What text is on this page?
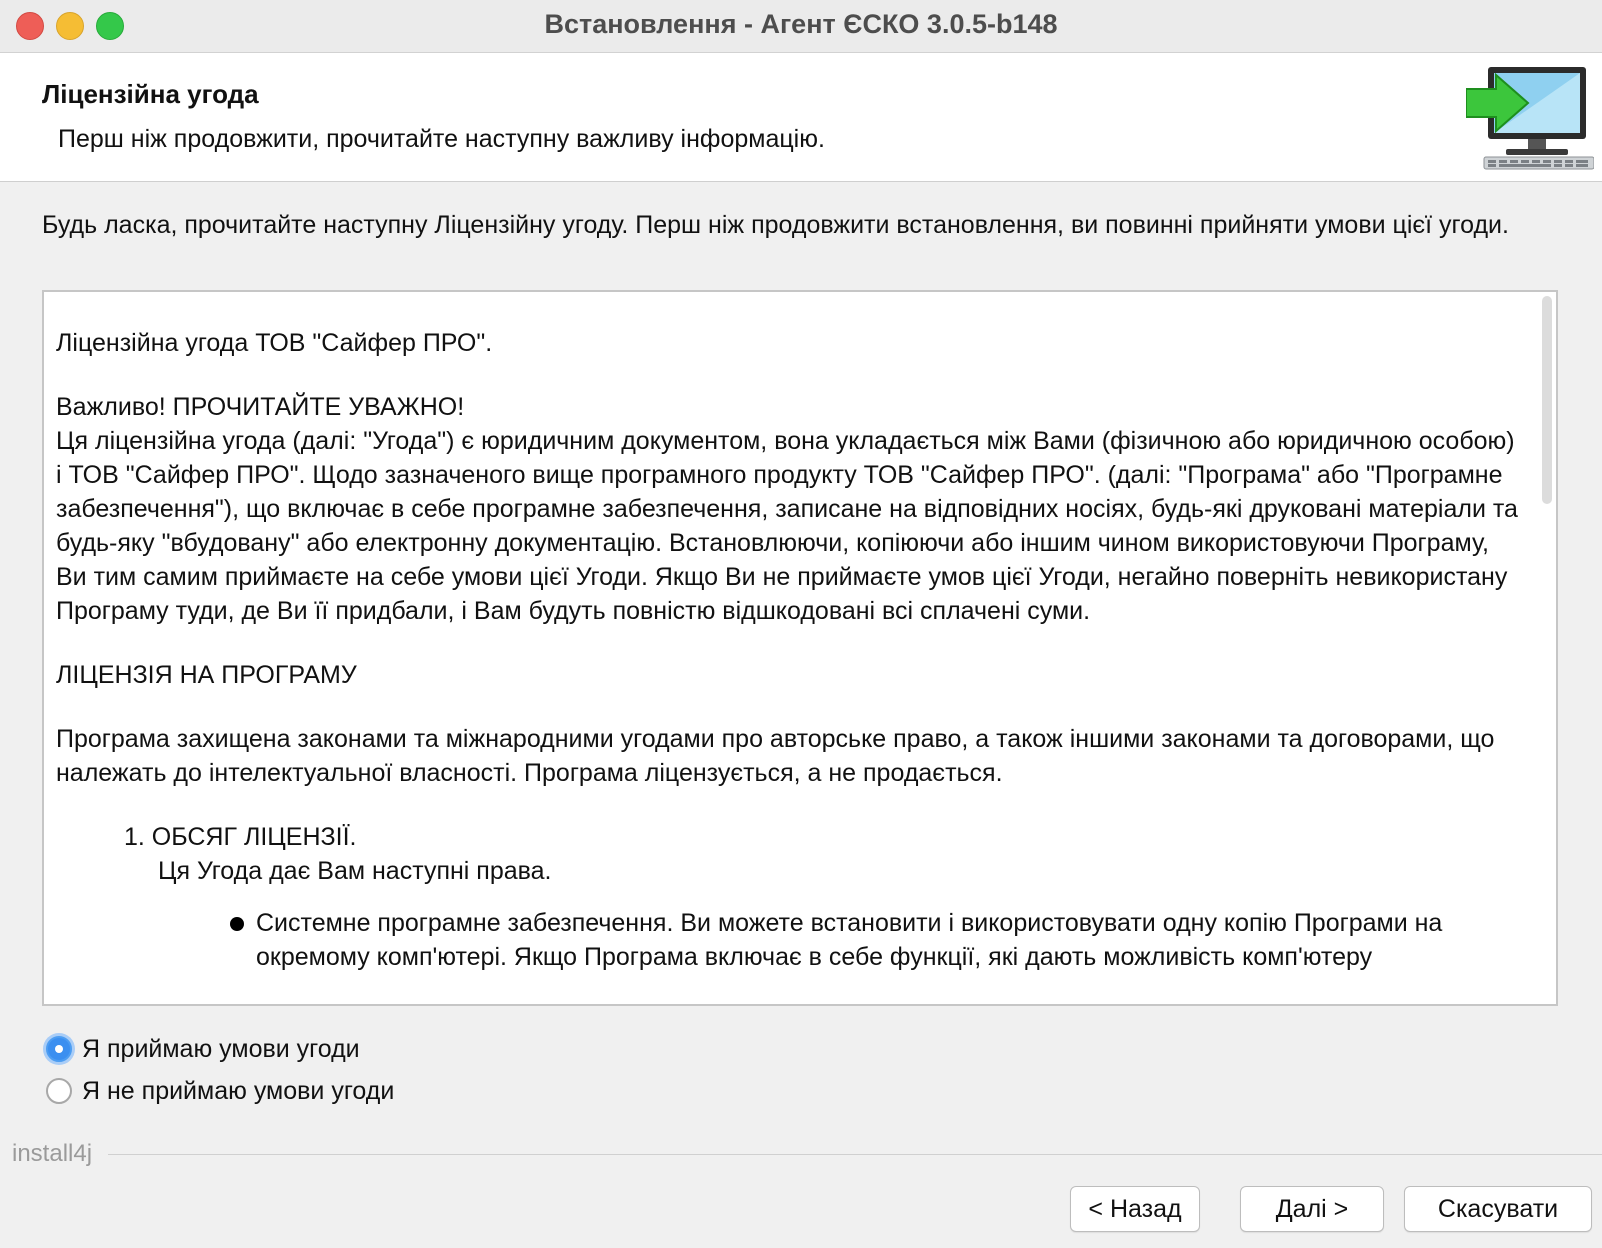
Встановлення - Агент ЄСКО 3.0.5-b148
Ліцензійна угода
Перш ніж продовжити, прочитайте наступну важливу інформацію.
Будь ласка, прочитайте наступну Ліцензійну угоду. Перш ніж продовжити встановлення, ви повинні прийняти умови цієї угоди.

Ліцензійна угода ТОВ "Сайфер ПРО".

Важливо! ПРОЧИТАЙТЕ УВАЖНО!

Ця ліцензійна угода (далі: "Угода") є юридичним документом, вона укладається між Вами (фізичною або юридичною особою) і ТОВ "Сайфер ПРО". Щодо зазначеного вище програмного продукту ТОВ "Сайфер ПРО". (далі: "Програма" або "Програмне забезпечення"), що включає в себе програмне забезпечення, записане на відповідних носіях, будь-які друковані матеріали та будь-яку "вбудовану" або електронну документацію. Встановлюючи, копіюючи або іншим чином використовуючи Програму, Ви тим самим приймаєте на себе умови цієї Угоди. Якщо Ви не приймаєте умов цієї Угоди, негайно поверніть невикористану Програму туди, де Ви її придбали, і Вам будуть повністю відшкодовані всі сплачені суми.

ЛІЦЕНЗІЯ НА ПРОГРАМУ

Програма захищена законами та міжнародними угодами про авторське право, а також іншими законами та договорами, що належать до інтелектуальної власності. Програма ліцензується, а не продається.

1. ОБСЯГ ЛІЦЕНЗІЇ.
Ця Угода дає Вам наступні права.
Системне програмне забезпечення. Ви можете встановити і використовувати одну копію Програми на окремому комп'ютері. Якщо Програма включає в себе функції, які дають можливість комп'ютеру
Я приймаю умови угоди
Я не приймаю умови угоди
install4j
< Назад	Далі >	Скасувати
